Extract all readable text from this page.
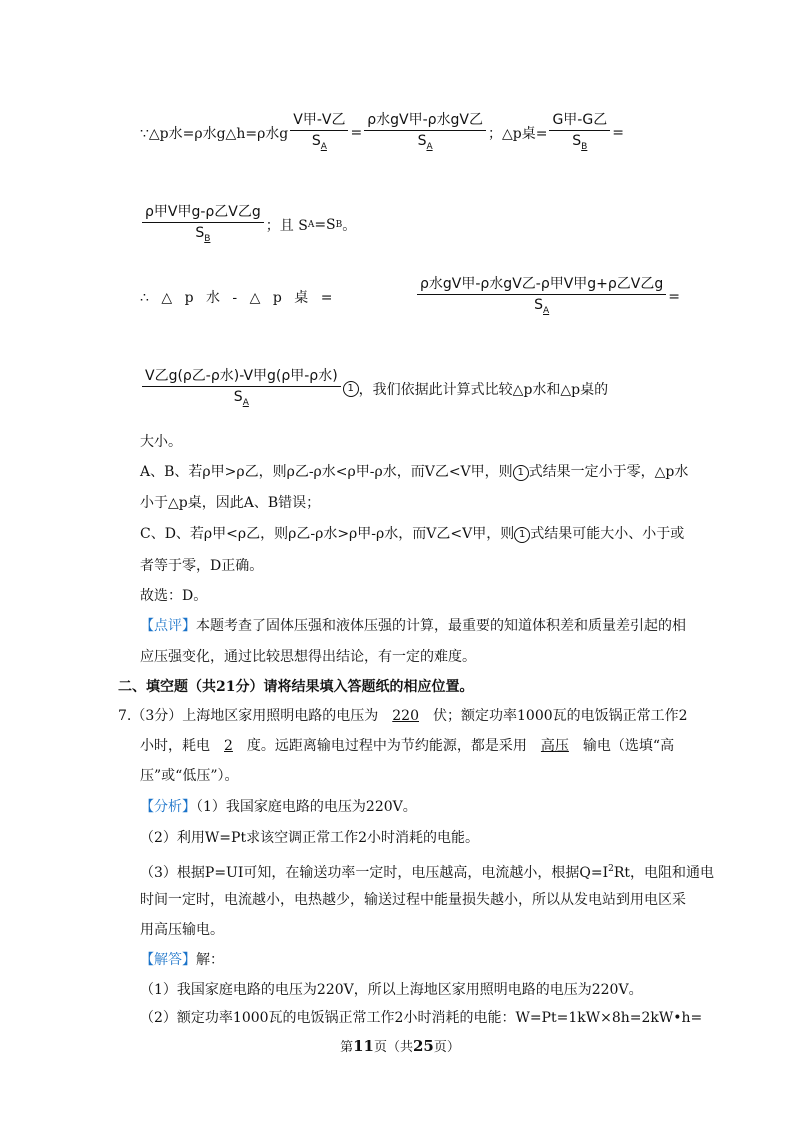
∵△p水=ρ水g△h=ρ水g $\frac{\text{V甲-V乙}}{S_A} = \frac{\text{ρ水gV甲-ρ水gV乙}}{S_A}$ ；△p桌= $\frac{\text{G甲-G乙}}{S_B}$ =
$\frac{\text{ρ甲V甲g-ρ乙V乙g}}{S_B}$ ；且 S A =S B 。
∴ △ p 水 - △ p 桌 =	$\frac{\text{ρ水gV甲-ρ水gV乙-ρ甲V甲g+ρ乙V乙g}}{S_A}$ =
$\frac{\text{V乙g(ρ乙-ρ水)-V甲g(ρ甲-ρ水)}}{S_A} 1$ ，我们依据此计算式比较△p水和△p桌的
大小。
A、B、若ρ甲>ρ乙，则ρ乙-ρ水<ρ甲-ρ水，而V乙<V甲，则 1 式结果一定小于零，△p水
小于△p桌，因此A、B错误；
C、D、若ρ甲<ρ乙，则ρ乙-ρ水>ρ甲-ρ水，而V乙<V甲，则 1 式结果可能大小、小于或
者等于零，D正确。
故选：D。
【点评】本题考查了固体压强和液体压强的计算，最重要的知道体积差和质量差引起的相
应压强变化，通过比较思想得出结论，有一定的难度。
二、填空题（共21分）请将结果填入答题纸的相应位置。
7.（3分）上海地区家用照明电路的电压为 220 伏；额定功率1000瓦的电饭锅正常工作2
小时，耗电 2 度。远距离输电过程中为节约能源，都是采用 高压 输电（选填“高
压”或“低压”）。
【分析】（1）我国家庭电路的电压为220V。
（2）利用W=Pt求该空调正常工作2小时消耗的电能。
（3）根据P=UI可知，在输送功率一定时，电压越高，电流越小，根据$Q=I^2Rt$，电阻和通电
时间一定时，电流越小，电热越少，输送过程中能量损失越小，所以从发电站到用电区采
用高压输电。
【解答】解：
（1）我国家庭电路的电压为220V，所以上海地区家用照明电路的电压为220V。
（2）额定功率1000瓦的电饭锅正常工作2小时消耗的电能：W=Pt=1kW×8h=2kW•h=
第11页（共25页）
